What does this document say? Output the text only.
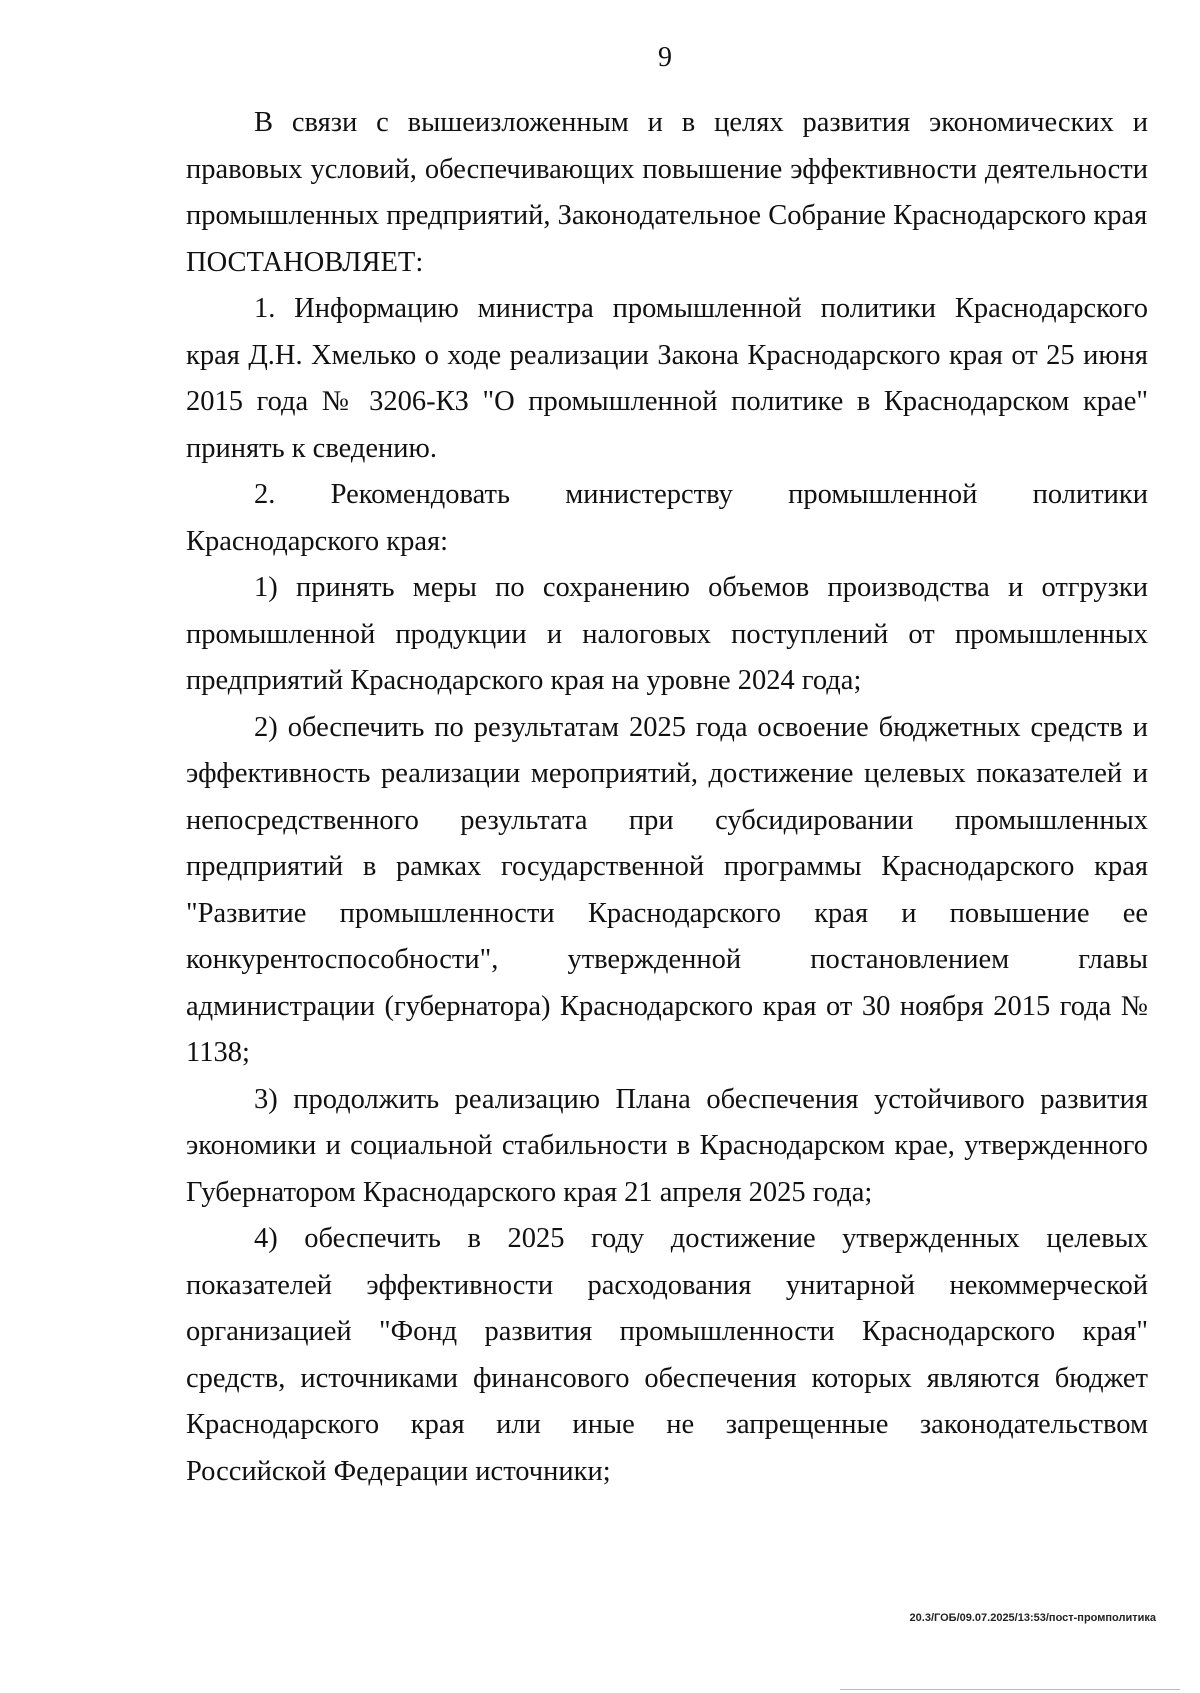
9

В связи с вышеизложенным и в целях развития экономических и правовых условий, обеспечивающих повышение эффективности деятельности промышленных предприятий, Законодательное Собрание Краснодарского края

ПОСТАНОВЛЯЕТ:

1. Информацию министра промышленной политики Краснодарского края Д.Н. Хмелько о ходе реализации Закона Краснодарского края от 25 июня 2015 года № 3206-КЗ "О промышленной политике в Краснодарском крае" принять к сведению.

2. Рекомендовать министерству промышленной политики Краснодарского края:

1) принять меры по сохранению объемов производства и отгрузки промышленной продукции и налоговых поступлений от промышленных предприятий Краснодарского края на уровне 2024 года;

2) обеспечить по результатам 2025 года освоение бюджетных средств и эффективность реализации мероприятий, достижение целевых показателей и непосредственного результата при субсидировании промышленных предприятий в рамках государственной программы Краснодарского края "Развитие промышленности Краснодарского края и повышение ее конкурентоспособности", утвержденной постановлением главы администрации (губернатора) Краснодарского края от 30 ноября 2015 года № 1138;

3) продолжить реализацию Плана обеспечения устойчивого развития экономики и социальной стабильности в Краснодарском крае, утвержденного Губернатором Краснодарского края 21 апреля 2025 года;

4) обеспечить в 2025 году достижение утвержденных целевых показателей эффективности расходования унитарной некоммерческой организацией "Фонд развития промышленности Краснодарского края" средств, источниками финансового обеспечения которых являются бюджет Краснодарского края или иные не запрещенные законодательством Российской Федерации источники;

20.3/ГОБ/09.07.2025/13:53/пост-промполитика
